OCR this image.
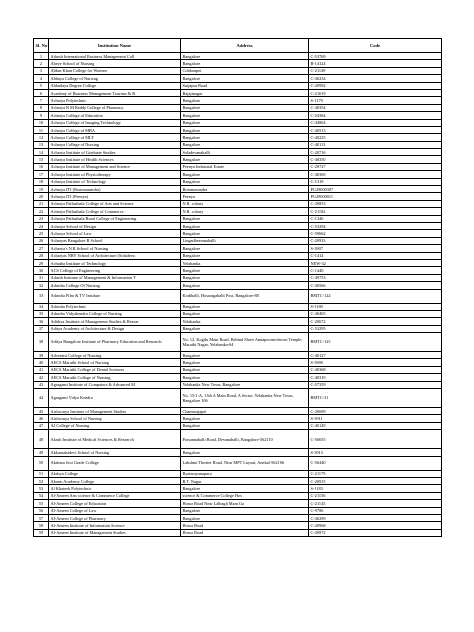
Sl. No	Institution Name	Address	Code
1	Adarsh International Business Management Coll	Bangalore	C-53769
2	Abeye School of Nursing	Bangalore	B-14124
3	Abbas Khan College for Women	Cobbonpet	C-21149
4	Abhaya College of Nursing	Bangalore	C-40234
5	Abhudaya Degree College	Sarjapur Road	C-20992
6	Academy of Business Management Tourism & R	Rajajinagar	C-21019
7	Acharya Polytechnic	Bangalore	S-1179
8	Acharya B M Reddy College of Pharmacy	Bangalore	C-40354
9	Acharya College of Education	Bangalore	C-54384
10	Acharya College of Imaging Technology	Bangalore	C-44864
11	Acharya College of MBA	Bangalore	C-40513
12	Acharya College of MLT	Bangalore	C-40225
13	Acharya College of Nursing	Bangalore	C-40113
14	Acharya Institute of Graduate Studies	Soladevanahalli	C-20716
15	Acharya Institute of Health Sciences	Bangalore	C-40350
16	Acharya Institute of Management and Science	Peenya Industrial Estate	C-20727
17	Acharya Institute of Physiotherapy	Bangalore	C-40369
18	Acharya Institute of Technology	Bangalore	C-1319
19	Acharya ITI (Bommasandra)	Bommasandra	PU29000307
20	Acharya ITI (Peenya)	Peenya	PU29000011
21	Acharya Pathashala College of Arts and Science	N.R. colony	C-20853
22	Acharya Pathashala College of Commerce	N.R. colony	C-21182
23	Acharya Pathashala Rural College of Engineering	Bangalore	C-1346
24	Acharya School of Design	Bangalore	C-53294
25	Acharya School of Law	Bangalore	C-59662
26	Acharyas Bangalore B School	Lingadheeranahalli	C-20933
27	Acharya's N.R.School of Nursing	Bangalore	S-3907
28	Acharyas NRV School of Architecture (Soladeva	Bangalore	C-1414
29	Achutha Institute of Technology	Yelahanka	NEW-32
30	ACS College of Engineering	Bangalore	C-1440
31	Adarsh Institute of Management & Information T	Bangalore	C-49753
32	Adarsha College Of Nursing	Bangalore	C-40566
33	Adarsha Film & TV Institute	Kodihalli, Hosaragahalli Post, Bangalore-88	BMTC-122
34	Adarsha Polytechnic	Bangalore	S-1180
35	Adarsha Vidyakendra College of Nursing	Bangalore	C-40465
36	Adithya Institute of Management Studies & Resear	Yelahanka	C-20672
37	Aditya Academy of Architecture & Design	Bangalore	C-53295
38	Aditya Bangalore Institute of Pharmacy Education and Research	No. 12, Kogilu Main Road, Behind Shree Annapoorneshwari Temple, Maruthi Nagar, Yelahanka-64	BMTC-125
39	Adventist College of Nursing	Bangalore	C-40127
40	AECS Maruthi School of Nursing	Bangalore	S-3900
41	AECS Maruthi College of Dental Sciences	Bangalore	C-40368
42	AECS Maruthi College of Nursing	Bangalore	C-40319
43	Agragami Institute of Computers & Advanced M	Yelahanka New Town, Bangalore	C-57359
44	Agragami Vidya Kendra	No. 15/1-A, 13th A Main Road, A Sector, Yelahanka New Town, Bangalore 106	BMTC-31
45	Aishwarya Institute of Management Studies	Chamarajapet	C-20699
46	Aishwarya School of Nursing	Bangalore	S-3911
47	AJ College of Nursing	Bangalore	C-40149
48	Akash Institute of Medical Sciences & Research	Prasannahalli Road, Devanahalli, Bangalore-562110	C-56655
49	Akkamahadevi School of Nursing	Bangalore	S-3913
50	Akshara first Grade College	Lakshmi Theater Road, Near MPT Layout, Anekal-562106	C-56440
51	Akshya College	Byatarayanapura	C-21179
52	Akram Academy College	R.T. Nagar	C-20915
53	Al Khateeb Polytechnic	Bangalore	S-1183
54	Al-Ameen Arts science & Commerce College	science & Commerce College Hos	C-21156
55	Al-Ameen College of Education	Hosur Road Near Lalbagh Main Ga	C-21143
56	Al-Ameen College of Law	Bangalore	C-9786
57	Al-Ameen College of Pharmacy	Bangalore	C-40299
58	Al-Ameen Institute of Information Science	Hosur Road	C-20968
59	Al-Ameen Institute of Management Studies	Hosur Road	C-20972
